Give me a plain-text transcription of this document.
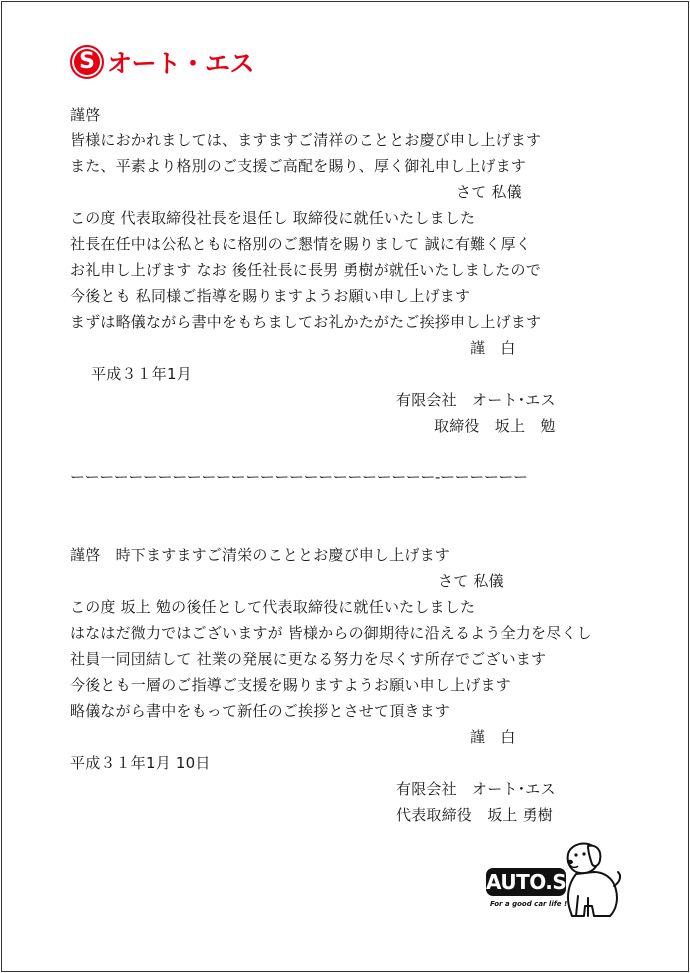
S オート・エス
謹啓
皆様におかれましては、ますますご清祥のこととお慶び申し上げます
また、平素より格別のご支援ご高配を賜り、厚く御礼申し上げます
さて 私儀
この度 代表取締役社長を退任し 取締役に就任いたしました
社長在任中は公私ともに格別のご懇情を賜りまして 誠に有難く厚く
お礼申し上げます なお 後任社長に長男 勇樹が就任いたしましたので
今後とも 私同様ご指導を賜りますようお願い申し上げます
まずは略儀ながら書中をもちましてお礼かたがたご挨拶申し上げます
謹　白
平成３１年1月
有限会社　オート･エス
取締役　坂上　勉
ーーーーーーーーーーーーーーーーーーーーーーーーー-ーーーーーー
謹啓　時下ますますご清栄のこととお慶び申し上げます
さて 私儀
この度 坂上 勉の後任として代表取締役に就任いたしました
はなはだ微力ではございますが 皆様からの御期待に沿えるよう全力を尽くし
社員一同団結して 社業の発展に更なる努力を尽くす所存でございます
今後とも一層のご指導ご支援を賜りますようお願い申し上げます
略儀ながら書中をもって新任のご挨拶とさせて頂きます
謹　白
平成３１年1月 10日
有限会社　オート･エス
代表取締役　坂上 勇樹
AUTO.S
For a good car life !
